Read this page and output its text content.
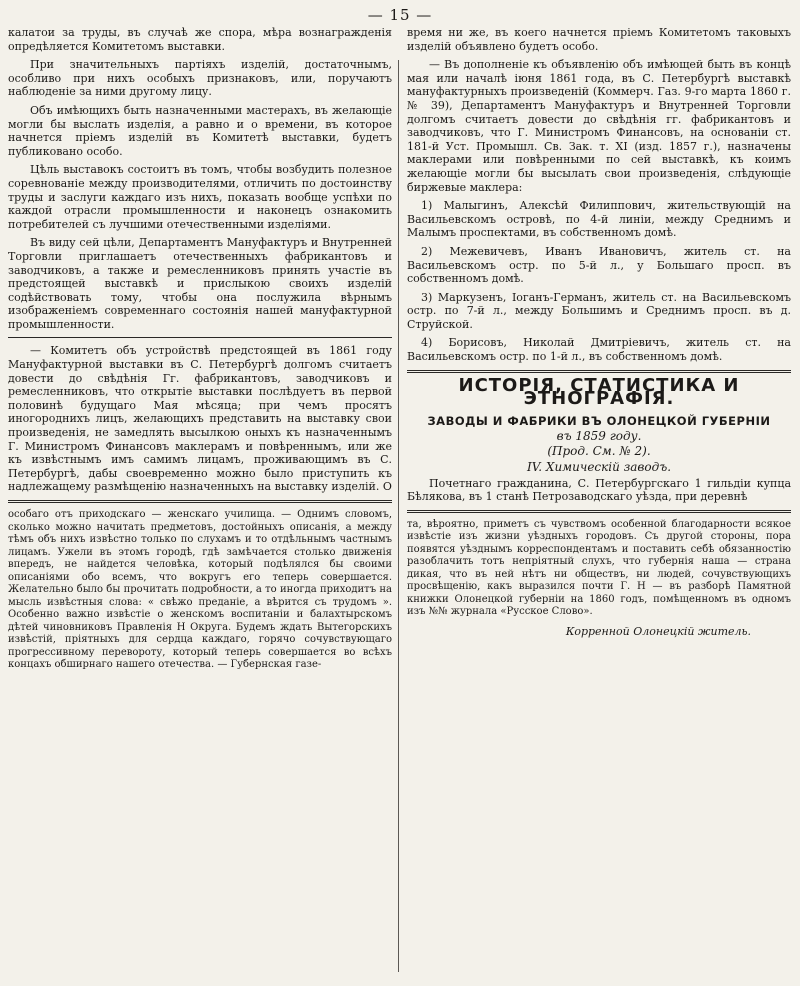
— 15 —

калатои за труды, въ случаѣ же спора, мѣра вознагражденія опредѣляется Комитетомъ выставки.

При значительныхъ партіяхъ изделій, достаточнымъ, особливо при нихъ особыхъ признаковъ, или, поручаютъ наблюденіе за ними другому лицу.

Объ имѣющихъ быть назначенными мастерахъ, въ желающіе могли бы выслать изделія, а равно и о времени, въ которое начнется пріемъ изделій въ Комитетѣ выставки, будетъ публиковано особо.

Цѣль выставокъ состоитъ въ томъ, чтобы возбудить полезное соревнованіе между производителями, отличить по достоинству труды и заслуги каждаго изъ нихъ, показать вообще успѣхи по каждой отрасли промышленности и наконецъ ознакомить потребителей съ лучшими отечественными изделіями.

Въ виду сей цѣли, Департаментъ Мануфактуръ и Внутренней Торговли приглашаетъ отечественныхъ фабрикантовъ и заводчиковъ, а также и ремесленниковъ принять участіе въ предстоящей выставкѣ и прислыкою своихъ изделій содѣйствовать тому, чтобы она послужила вѣрнымъ изображеніемъ современнаго состоянія нашей мануфактурной промышленности.

— Комитетъ объ устройствѣ предстоящей въ 1861 году Мануфактурной выставки въ С. Петербургѣ долгомъ считаетъ довести до свѣдѣнія Гг. фабрикантовъ, заводчиковъ и ремесленниковъ, что открытіе выставки послѣдуетъ въ первой половинѣ будущаго Мая мѣсяца; при чемъ просятъ иногороднихъ лицъ, желающихъ представить на выставку свои произведенія, не замедлять высылкою оныхъ къ назначеннымъ Г. Министромъ Финансовъ маклерамъ и повѣреннымъ, или же къ извѣстнымъ имъ самимъ лицамъ, проживающимъ въ С. Петербургѣ, дабы своевременно можно было приступить къ надлежащему размѣщенію назначенныхъ на выставку изделій. О

особаго отъ приходскаго — женскаго училища. — Однимъ словомъ, сколько можно начитать предметовъ, достойныхъ описанія, а между тѣмъ объ нихъ извѣстно только по слухамъ и то отдѣльнымъ частнымъ лицамъ. Ужели въ этомъ городѣ, гдѣ замѣчается столько движенія впередъ, не найдется человѣка, который подѣлялся бы своими описаніями обо всемъ, что вокругъ его теперь совершается. Желательно было бы прочитать подробности, а то иногда приходитъ на мысль извѣстныя слова: « свѣжо преданіе, а вѣрится съ трудомъ ». Особенно важно извѣстіе о женскомъ воспитаніи и балахтырскомъ дѣтей чиновниковъ Правленія Н Округа. Будемъ ждать Вытегорскихъ извѣстій, пріятныхъ для сердца каждаго, горячо сочувствующаго прогрессивному перевороту, который теперь совершается во всѣхъ концахъ обширнаго нашего отечества. — Губернская газе-

время ни же, въ коего начнется пріемъ Комитетомъ таковыхъ изделій объявлено будетъ особо.

— Въ дополненіе къ объявленію объ имѣющей быть въ концѣ мая или началѣ іюня 1861 года, въ С. Петербургѣ выставкѣ мануфактурныхъ произведеній (Коммерч. Газ. 9-го марта 1860 г. № 39), Департаментъ Мануфактуръ и Внутренней Торговли долгомъ считаетъ довести до свѣдѣнія гг. фабрикантовъ и заводчиковъ, что Г. Министромъ Финансовъ, на основаніи ст. 181-й Уст. Промышл. Св. Зак. т. XI (изд. 1857 г.), назначены маклерами или повѣренными по сей выставкѣ, къ коимъ желающіе могли бы высылать свои произведенія, слѣдующіе биржевые маклера:

1) Малыгинъ, Алексѣй Филиппович, жительствующій на Васильевскомъ островѣ, по 4-й линіи, между Среднимъ и Малымъ проспектами, въ собственномъ домѣ.

2) Межевичевъ, Иванъ Ивановичъ, житель ст. на Васильевскомъ остр. по 5-й л., у Большаго просп. въ собственномъ домѣ.

3) Маркузенъ, Іоганъ-Германъ, житель ст. на Васильевскомъ остр. по 7-й л., между Большимъ и Среднимъ просп. въ д. Струйской.

4) Борисовъ, Николай Дмитріевичъ, житель ст. на Васильевскомъ остр. по 1-й л., въ собственномъ домѣ.

ИСТОРІЯ, СТАТИСТИКА И ЭТНОГРАФІЯ.
ЗАВОДЫ И ФАБРИКИ ВЪ ОЛОНЕЦКОЙ ГУБЕРНІИ
въ 1859 году.
(Прод. См. № 2).
IV. Химическій заводъ.

Почетнаго гражданина, С. Петербургскаго 1 гильдіи купца Бѣлякова, въ 1 станѣ Петрозаводскаго уѣзда, при деревнѣ

та, вѣроятно, приметъ съ чувствомъ особенной благодарности всякое извѣстіе изъ жизни уѣздныхъ городовъ. Съ другой стороны, пора появятся уѣзднымъ корреспондентамъ и поставить себѣ обязанностію разоблачить тотъ непріятный слухъ, что губернія наша — страна дикая, что въ ней нѣтъ ни обществъ, ни людей, сочувствующихъ просвѣщенію, какъ выразился почти Г. Н — въ разборѣ Памятной книжки Олонецкой губерніи на 1860 годъ, помѣщенномъ въ одномъ изъ №№ журнала «Русское Слово».

Корренной Олонецкій житель.
